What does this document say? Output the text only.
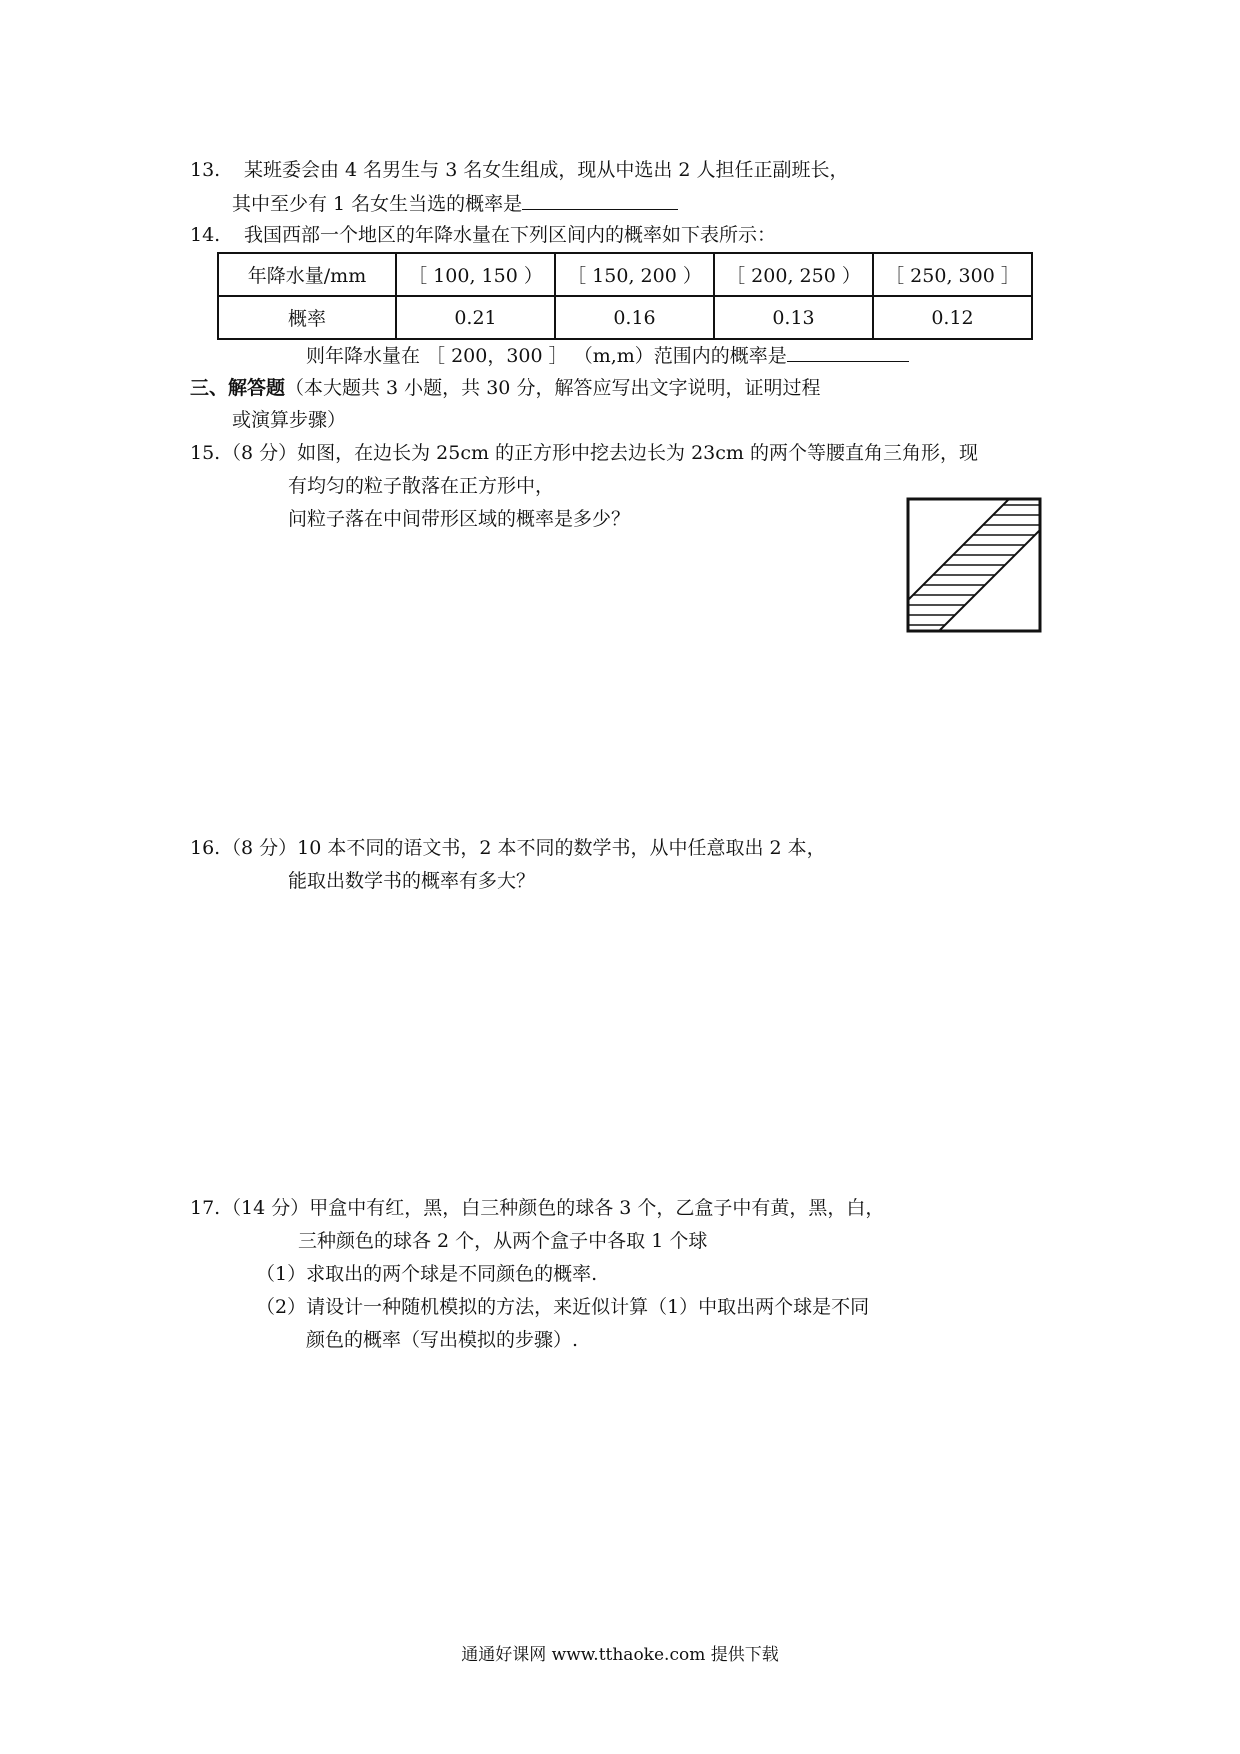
13. 某班委会由 4 名男生与 3 名女生组成，现从中选出 2 人担任正副班长，
其中至少有 1 名女生当选的概率是
14. 我国西部一个地区的年降水量在下列区间内的概率如下表所示：
年降水量/mm	［ 100, 150 ）	［ 150, 200 ）	［ 200, 250 ）	［ 250, 300 ］
概率	0.21	0.16	0.13	0.12
则年降水量在 ［ 200，300 ］ （m,m）范围内的概率是
三、解答题（本大题共 3 小题，共 30 分，解答应写出文字说明，证明过程
或演算步骤）
15. （8 分）如图，在边长为 25cm 的正方形中挖去边长为 23cm 的两个等腰直角三角形，现
有均匀的粒子散落在正方形中，
问粒子落在中间带形区域的概率是多少？
16. （8 分）10 本不同的语文书，2 本不同的数学书，从中任意取出 2 本，
能取出数学书的概率有多大？
17. （14 分）甲盒中有红，黑，白三种颜色的球各 3 个，乙盒子中有黄，黑，白，
三种颜色的球各 2 个，从两个盒子中各取 1 个球
（1）求取出的两个球是不同颜色的概率.
（2）请设计一种随机模拟的方法，来近似计算（1）中取出两个球是不同
颜色的概率（写出模拟的步骤）.
通通好课网 www.tthaoke.com 提供下载
